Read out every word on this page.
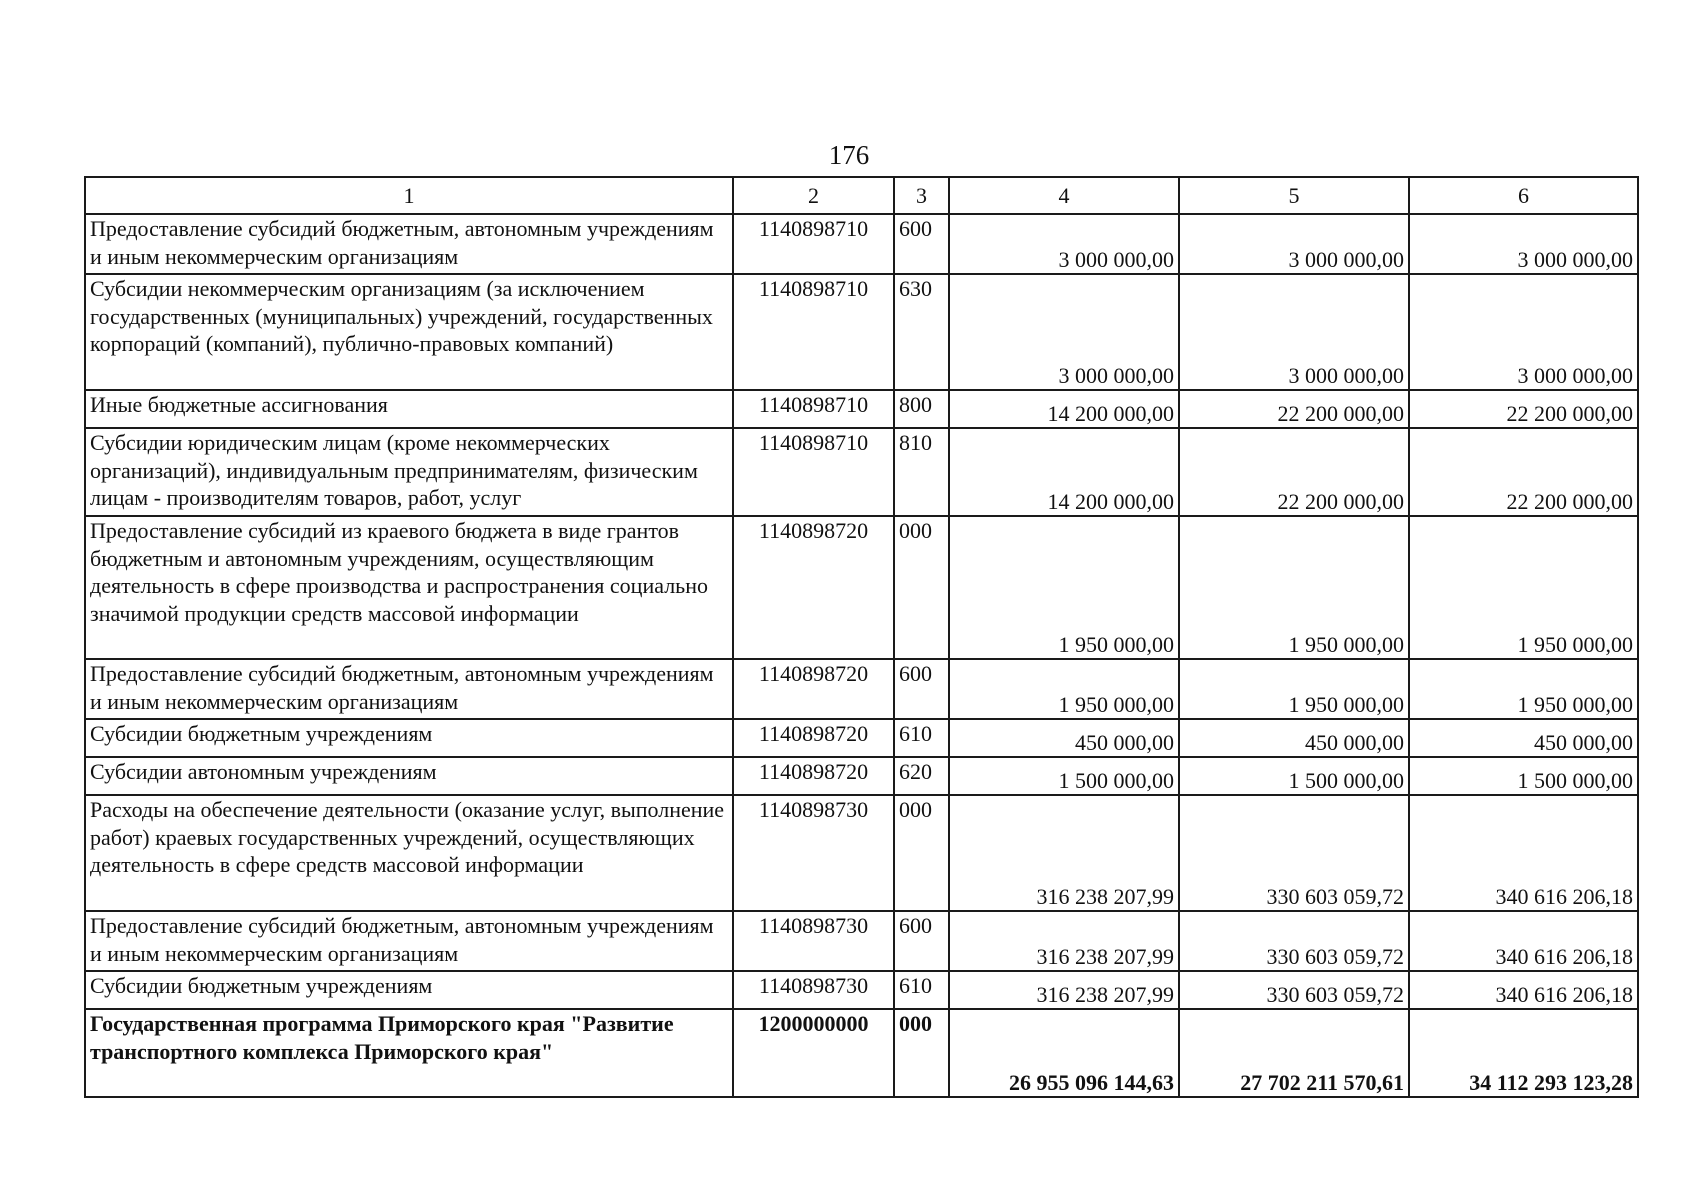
176
1	2	3	4	5	6
Предоставление субсидий бюджетным, автономным учреждениям и иным некоммерческим организациям	1140898710	600	3 000 000,00	3 000 000,00	3 000 000,00
Субсидии некоммерческим организациям (за исключением государственных (муниципальных) учреждений, государственных корпораций (компаний), публично-правовых компаний)	1140898710	630	3 000 000,00	3 000 000,00	3 000 000,00
Иные бюджетные ассигнования	1140898710	800	14 200 000,00	22 200 000,00	22 200 000,00
Субсидии юридическим лицам (кроме некоммерческих организаций), индивидуальным предпринимателям, физическим лицам - производителям товаров, работ, услуг	1140898710	810	14 200 000,00	22 200 000,00	22 200 000,00
Предоставление субсидий из краевого бюджета в виде грантов бюджетным и автономным учреждениям, осуществляющим деятельность в сфере производства и распространения социально значимой продукции средств массовой информации	1140898720	000	1 950 000,00	1 950 000,00	1 950 000,00
Предоставление субсидий бюджетным, автономным учреждениям и иным некоммерческим организациям	1140898720	600	1 950 000,00	1 950 000,00	1 950 000,00
Субсидии бюджетным учреждениям	1140898720	610	450 000,00	450 000,00	450 000,00
Субсидии автономным учреждениям	1140898720	620	1 500 000,00	1 500 000,00	1 500 000,00
Расходы на обеспечение деятельности (оказание услуг, выполнение работ) краевых государственных учреждений, осуществляющих деятельность в сфере средств массовой информации	1140898730	000	316 238 207,99	330 603 059,72	340 616 206,18
Предоставление субсидий бюджетным, автономным учреждениям и иным некоммерческим организациям	1140898730	600	316 238 207,99	330 603 059,72	340 616 206,18
Субсидии бюджетным учреждениям	1140898730	610	316 238 207,99	330 603 059,72	340 616 206,18
Государственная программа Приморского края "Развитие транспортного комплекса Приморского края"	1200000000	000	26 955 096 144,63	27 702 211 570,61	34 112 293 123,28
